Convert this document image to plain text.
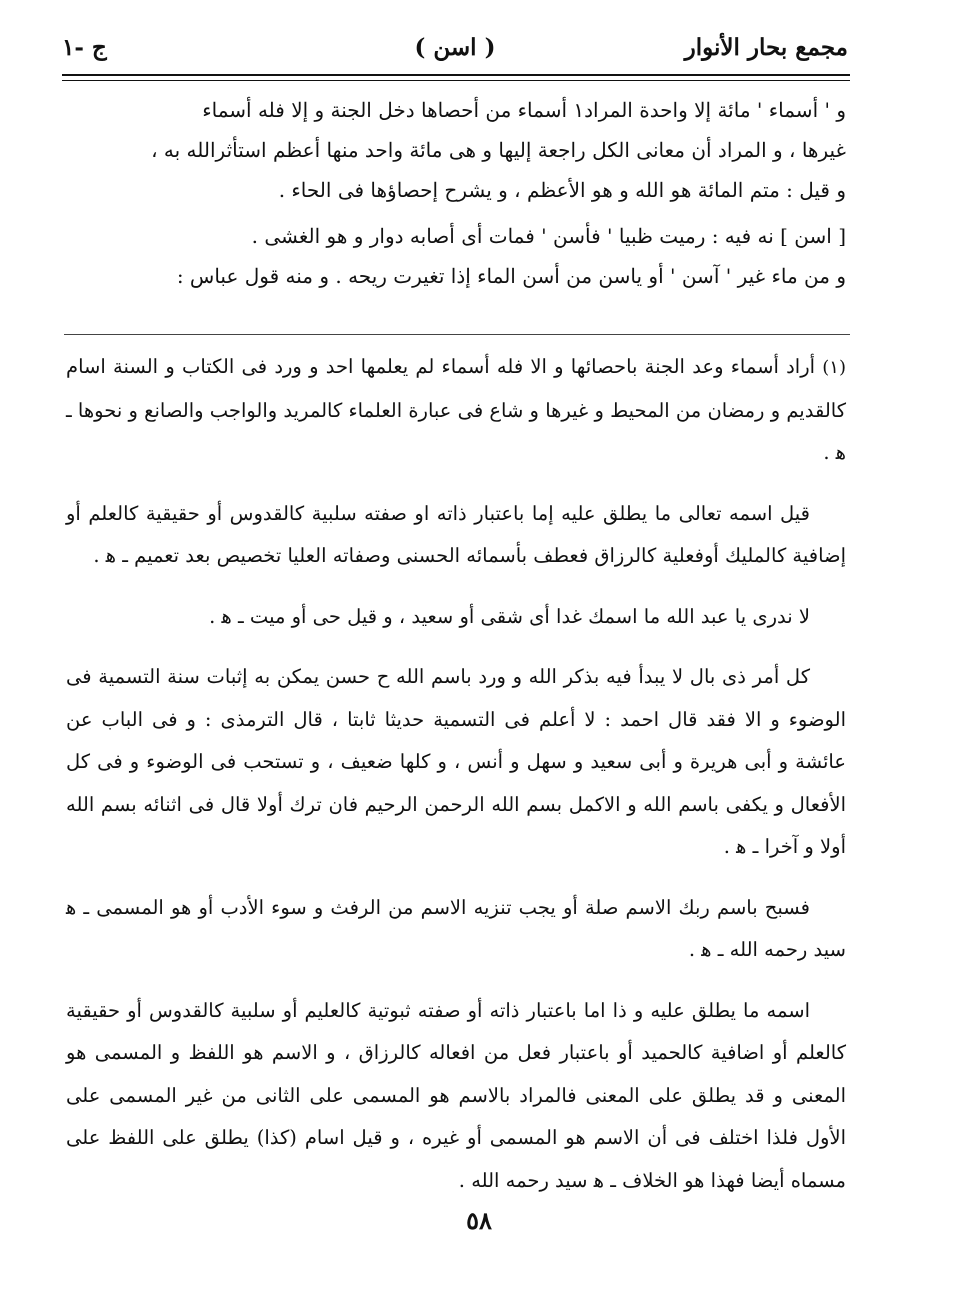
مجمع بحار الأنوار
( اسن )
ج -١

و ' أسماء ' مائة إلا واحدة المراد١ أسماء من أحصاها دخل الجنة و إلا فله أسماء

غيرها ، و المراد أن معانى الكل راجعة إليها و هى مائة واحد منها أعظم استأثرالله به ،

و قيل : متم المائة هو الله و هو الأعظم ، و يشرح إحصاؤها فى الحاء .

[ اسن ] نه فيه : رميت ظبيا ' فأسن ' فمات أى أصابه دوار و هو الغشى .

و من ماء غير ' آسن ' أو ياسن من أسن الماء إذا تغيرت ريحه . و منه قول عباس :

(١) أراد أسماء وعد الجنة باحصائها و الا فله أسماء لم يعلمها احد و ورد فى الكتاب و السنة اسام كالقديم و رمضان من المحيط و غيرها و شاع فى عبارة العلماء كالمريد والواجب والصانع و نحوها ـ ﻫ .

قيل اسمه تعالى ما يطلق عليه إما باعتبار ذاته او صفته سلبية كالقدوس أو حقيقية كالعلم أو إضافية كالمليك أوفعلية كالرزاق فعطف بأسمائه الحسنى وصفاته العليا تخصيص بعد تعميم ـ ﻫ .

لا ندرى يا عبد الله ما اسمك غدا أى شقى أو سعيد ، و قيل حى أو ميت ـ ﻫ .

كل أمر ذى بال لا يبدأ فيه بذكر الله و ورد باسم الله ح حسن يمكن به إثبات سنة التسمية فى الوضوء و الا فقد قال احمد : لا أعلم فى التسمية حديثا ثابتا ، قال الترمذى : و فى الباب عن عائشة و أبى هريرة و أبى سعيد و سهل و أنس ، و كلها ضعيف ، و تستحب فى الوضوء و فى كل الأفعال و يكفى باسم الله و الاكمل بسم الله الرحمن الرحيم فان ترك أولا قال فى اثنائه بسم الله أولا و آخرا ـ ﻫ .

فسبح باسم ربك الاسم صلة أو يجب تنزيه الاسم من الرفث و سوء الأدب أو هو المسمى ـ ﻫ سيد رحمه الله ـ ﻫ .

اسمه ما يطلق عليه و ذا اما باعتبار ذاته أو صفته ثبوتية كالعليم أو سلبية كالقدوس أو حقيقية كالعلم أو اضافية كالحميد أو باعتبار فعل من افعاله كالرزاق ، و الاسم هو اللفظ و المسمى هو المعنى و قد يطلق على المعنى فالمراد بالاسم هو المسمى على الثانى من غير المسمى على الأول فلذا اختلف فى أن الاسم هو المسمى أو غيره ، و قيل اسام (كذا) يطلق على اللفظ على مسماه أيضا فهذا هو الخلاف ـ ﻫ سيد رحمه الله .

٥٨
